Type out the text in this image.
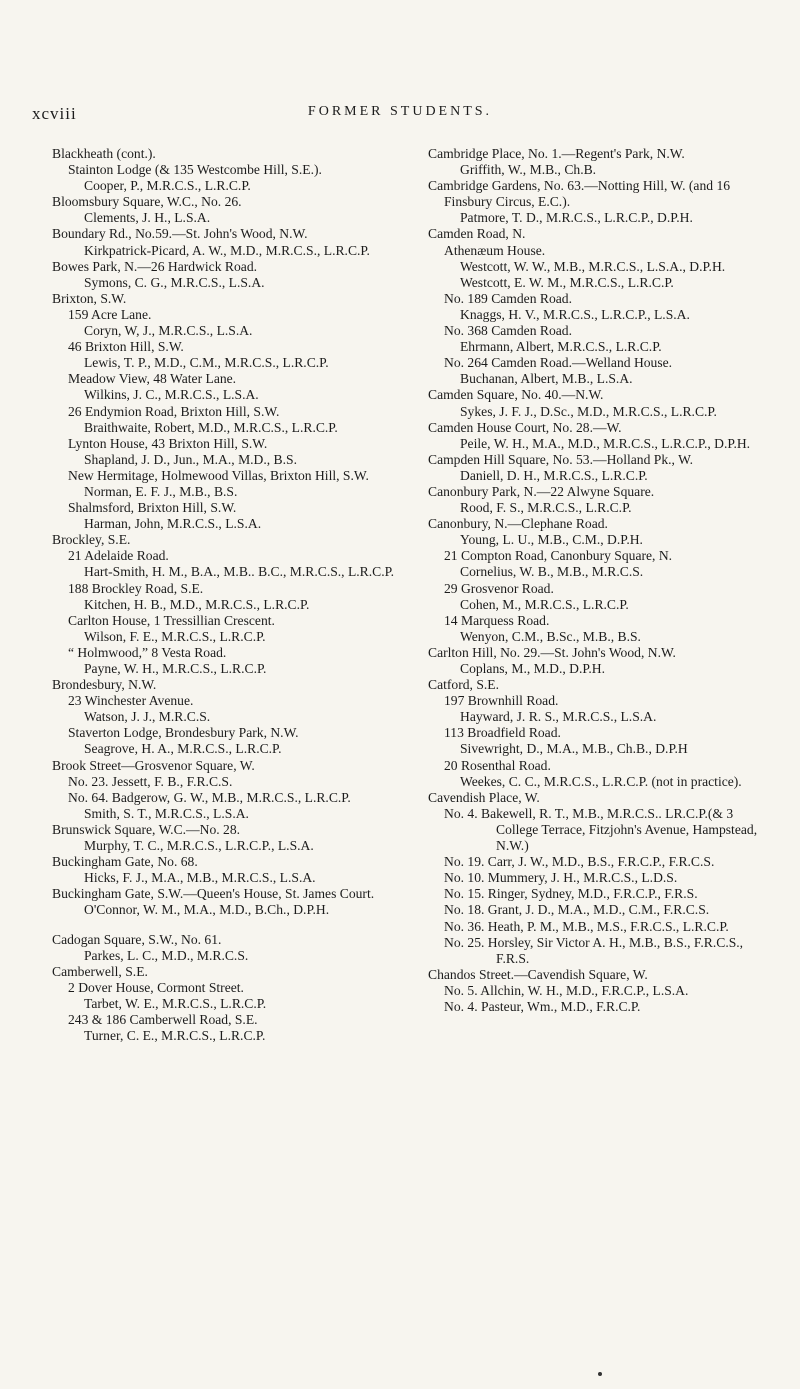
xcviii	FORMER STUDENTS.
Blackheath (cont.).
Stainton Lodge (& 135 Westcombe Hill, S.E.).
Cooper, P., M.R.C.S., L.R.C.P.
Bloomsbury Square, W.C., No. 26.
Clements, J. H., L.S.A.
Boundary Rd., No.59.—St. John's Wood, N.W.
Kirkpatrick-Picard, A. W., M.D., M.R.C.S., L.R.C.P.
Bowes Park, N.—26 Hardwick Road.
Symons, C. G., M.R.C.S., L.S.A.
Brixton, S.W.
159 Acre Lane.
Coryn, W, J., M.R.C.S., L.S.A.
46 Brixton Hill, S.W.
Lewis, T. P., M.D., C.M., M.R.C.S., L.R.C.P.
Meadow View, 48 Water Lane.
Wilkins, J. C., M.R.C.S., L.S.A.
26 Endymion Road, Brixton Hill, S.W.
Braithwaite, Robert, M.D., M.R.C.S., L.R.C.P.
Lynton House, 43 Brixton Hill, S.W.
Shapland, J. D., Jun., M.A., M.D., B.S.
New Hermitage, Holmewood Villas, Brixton Hill, S.W.
Norman, E. F. J., M.B., B.S.
Shalmsford, Brixton Hill, S.W.
Harman, John, M.R.C.S., L.S.A.
Brockley, S.E.
21 Adelaide Road.
Hart-Smith, H. M., B.A., M.B.. B.C., M.R.C.S., L.R.C.P.
188 Brockley Road, S.E.
Kitchen, H. B., M.D., M.R.C.S., L.R.C.P.
Carlton House, 1 Tressillian Crescent.
Wilson, F. E., M.R.C.S., L.R.C.P.
“ Holmwood,” 8 Vesta Road.
Payne, W. H., M.R.C.S., L.R.C.P.
Brondesbury, N.W.
23 Winchester Avenue.
Watson, J. J., M.R.C.S.
Staverton Lodge, Brondesbury Park, N.W.
Seagrove, H. A., M.R.C.S., L.R.C.P.
Brook Street—Grosvenor Square, W.
No. 23. Jessett, F. B., F.R.C.S.
No. 64. Badgerow, G. W., M.B., M.R.C.S., L.R.C.P.
Smith, S. T., M.R.C.S., L.S.A.
Brunswick Square, W.C.—No. 28.
Murphy, T. C., M.R.C.S., L.R.C.P., L.S.A.
Buckingham Gate, No. 68.
Hicks, F. J., M.A., M.B., M.R.C.S., L.S.A.
Buckingham Gate, S.W.—Queen's House, St. James Court.
O'Connor, W. M., M.A., M.D., B.Ch., D.P.H.
Cadogan Square, S.W., No. 61.
Parkes, L. C., M.D., M.R.C.S.
Camberwell, S.E.
2 Dover House, Cormont Street.
Tarbet, W. E., M.R.C.S., L.R.C.P.
243 & 186 Camberwell Road, S.E.
Turner, C. E., M.R.C.S., L.R.C.P.
Cambridge Place, No. 1.—Regent's Park, N.W.
Griffith, W., M.B., Ch.B.
Cambridge Gardens, No. 63.—Notting Hill, W. (and 16 Finsbury Circus, E.C.).
Patmore, T. D., M.R.C.S., L.R.C.P., D.P.H.
Camden Road, N.
Athenæum House.
Westcott, W. W., M.B., M.R.C.S., L.S.A., D.P.H.
Westcott, E. W. M., M.R.C.S., L.R.C.P.
No. 189 Camden Road.
Knaggs, H. V., M.R.C.S., L.R.C.P., L.S.A.
No. 368 Camden Road.
Ehrmann, Albert, M.R.C.S., L.R.C.P.
No. 264 Camden Road.—Welland House.
Buchanan, Albert, M.B., L.S.A.
Camden Square, No. 40.—N.W.
Sykes, J. F. J., D.Sc., M.D., M.R.C.S., L.R.C.P.
Camden House Court, No. 28.—W.
Peile, W. H., M.A., M.D., M.R.C.S., L.R.C.P., D.P.H.
Campden Hill Square, No. 53.—Holland Pk., W.
Daniell, D. H., M.R.C.S., L.R.C.P.
Canonbury Park, N.—22 Alwyne Square.
Rood, F. S., M.R.C.S., L.R.C.P.
Canonbury, N.—Clephane Road.
Young, L. U., M.B., C.M., D.P.H.
21 Compton Road, Canonbury Square, N.
Cornelius, W. B., M.B., M.R.C.S.
29 Grosvenor Road.
Cohen, M., M.R.C.S., L.R.C.P.
14 Marquess Road.
Wenyon, C.M., B.Sc., M.B., B.S.
Carlton Hill, No. 29.—St. John's Wood, N.W.
Coplans, M., M.D., D.P.H.
Catford, S.E.
197 Brownhill Road.
Hayward, J. R. S., M.R.C.S., L.S.A.
113 Broadfield Road.
Sivewright, D., M.A., M.B., Ch.B., D.P.H
20 Rosenthal Road.
Weekes, C. C., M.R.C.S., L.R.C.P. (not in practice).
Cavendish Place, W.
No. 4. Bakewell, R. T., M.B., M.R.C.S.. LR.C.P.(& 3 College Terrace, Fitzjohn's Avenue, Hampstead, N.W.)
No. 19. Carr, J. W., M.D., B.S., F.R.C.P., F.R.C.S.
No. 10. Mummery, J. H., M.R.C.S., L.D.S.
No. 15. Ringer, Sydney, M.D., F.R.C.P., F.R.S.
No. 18. Grant, J. D., M.A., M.D., C.M., F.R.C.S.
No. 36. Heath, P. M., M.B., M.S., F.R.C.S., L.R.C.P.
No. 25. Horsley, Sir Victor A. H., M.B., B.S., F.R.C.S., F.R.S.
Chandos Street.—Cavendish Square, W.
No. 5. Allchin, W. H., M.D., F.R.C.P., L.S.A.
No. 4. Pasteur, Wm., M.D., F.R.C.P.
